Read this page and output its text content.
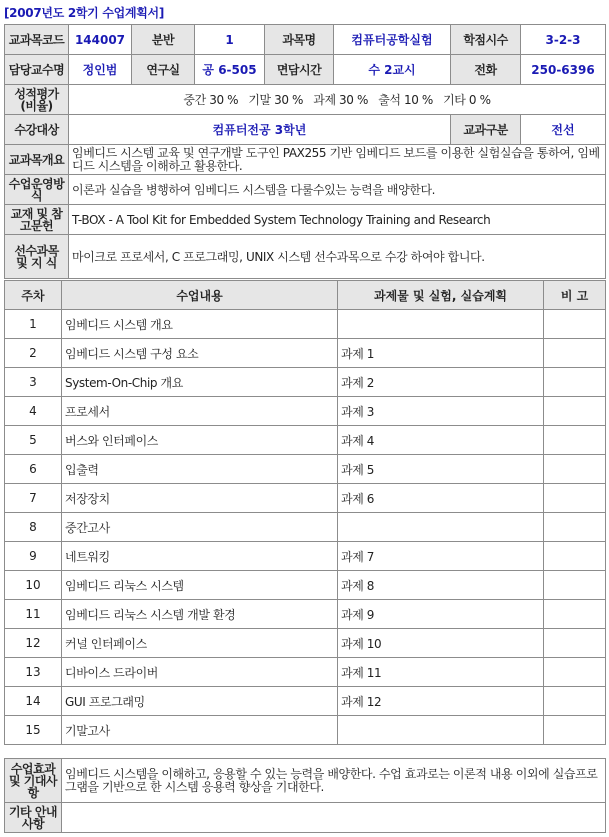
[2007년도 2학기 수업계획서]
교과목코드	144007	분반	1	과목명	컴퓨터공학실험	학점시수	3-2-3
담당교수명	정인범	연구실	공 6-505	면담시간	수 2교시	전화	250-6396
성적평가(비율)	중간 30 %   기말 30 %   과제 30 %   출석 10 %   기타 0 %						
수강대상	컴퓨터전공 3학년					교과구분	전선
교과목개요	임베디드 시스템 교육 및 연구개발 도구인 PAX255 기반 임베디드 보드를 이용한 실험실습을 통하여, 임베디드 시스템을 이해하고 활용한다.						
수업운영방식	이론과 실습을 병행하여 임베디드 시스템을 다룰수있는 능력을 배양한다.						
교재 및 참고문헌	T-BOX - A Tool Kit for Embedded System Technology Training and Research						
선수과목 및 지 식	마이크로 프로세서, C 프로그래밍, UNIX 시스템 선수과목으로 수강 하여야 합니다.						
주차	수업내용	과제물 및 실험, 실습계획	비 고
1	임베디드 시스템 개요		
2	임베디드 시스템 구성 요소	과제 1	
3	System-On-Chip 개요	과제 2	
4	프로세서	과제 3	
5	버스와 인터페이스	과제 4	
6	입출력	과제 5	
7	저장장치	과제 6	
8	중간고사		
9	네트워킹	과제 7	
10	임베디드 리눅스 시스템	과제 8	
11	임베디드 리눅스 시스템 개발 환경	과제 9	
12	커널 인터페이스	과제 10	
13	디바이스 드라이버	과제 11	
14	GUI 프로그래밍	과제 12	
15	기말고사		
수업효과 및 기대사항	임베디드 시스템을 이해하고, 응용할 수 있는 능력을 배양한다. 수업 효과로는 이론적 내용 이외에 실습프로그램을 기반으로 한 시스템 응용력 향상을 기대한다.
기타 안내사항	
